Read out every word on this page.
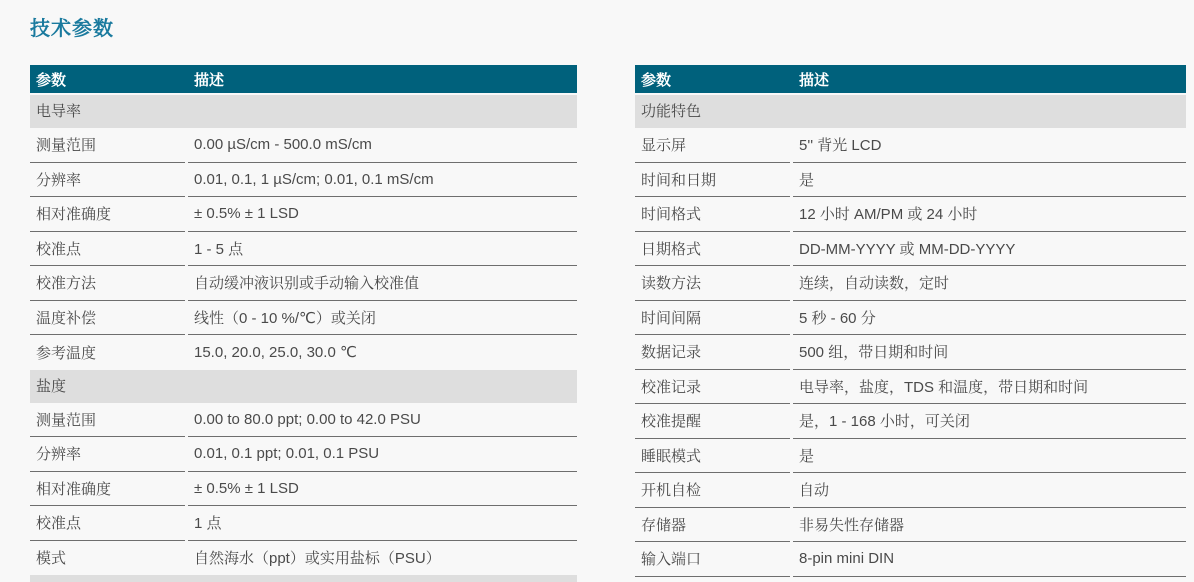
技术参数
参数	描述
电导率
测量范围	0.00 µS/cm - 500.0 mS/cm
分辨率	0.01, 0.1, 1 µS/cm; 0.01, 0.1 mS/cm
相对准确度	± 0.5% ± 1 LSD
校准点	1 - 5 点
校准方法	自动缓冲液识别或手动输入校准值
温度补偿	线性（0 - 10 %/℃）或关闭
参考温度	15.0, 20.0, 25.0, 30.0 ℃
盐度
测量范围	0.00 to 80.0 ppt; 0.00 to 42.0 PSU
分辨率	0.01, 0.1 ppt; 0.01, 0.1 PSU
相对准确度	± 0.5% ± 1 LSD
校准点	1 点
模式	自然海水（ppt）或实用盐标（PSU）
参数	描述
功能特色
显示屏	5'' 背光 LCD
时间和日期	是
时间格式	12 小时 AM/PM 或 24 小时
日期格式	DD-MM-YYYY 或 MM-DD-YYYY
读数方法	连续，自动读数，定时
时间间隔	5 秒 - 60 分
数据记录	500 组，带日期和时间
校准记录	电导率，盐度，TDS 和温度，带日期和时间
校准提醒	是，1 - 168 小时，可关闭
睡眠模式	是
开机自检	自动
存储器	非易失性存储器
输入端口	8-pin mini DIN
